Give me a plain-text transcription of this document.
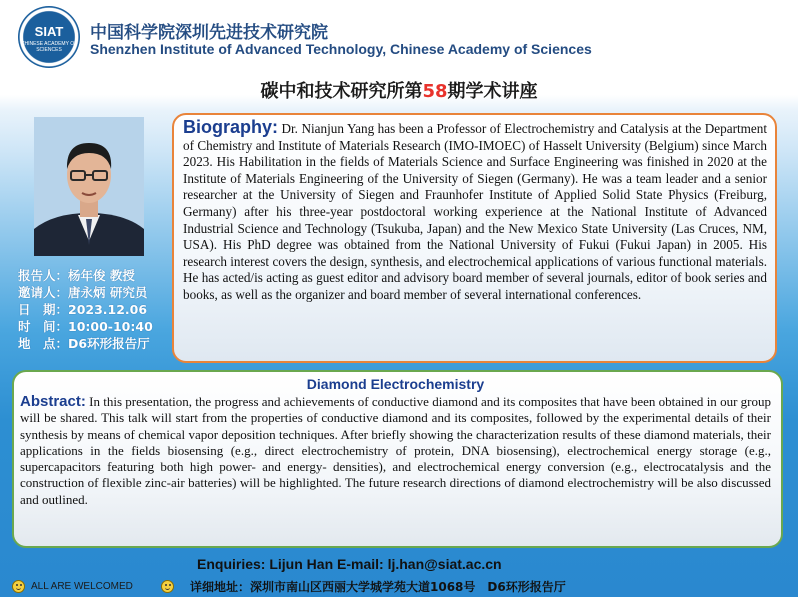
SIAT
CHINESE ACADEMY OF SCIENCES
中国科学院深圳先进技术研究院
Shenzhen Institute of Advanced Technology, Chinese Academy of Sciences
碳中和技术研究所第58期学术讲座
报告人：杨年俊 教授
邀请人：唐永炳 研究员
日　期：2023.12.06
时　间：10:00-10:40
地　点：D6环形报告厅
Biography: Dr. Nianjun Yang has been a Professor of Electrochemistry and Catalysis at the Department of Chemistry and Institute of Materials Research (IMO-IMOEC) of Hasselt University (Belgium) since March 2023. His Habilitation in the fields of Materials Science and Surface Engineering was finished in 2020 at the Institute of Materials Engineering of the University of Siegen (Germany). He was a team leader and a senior researcher at the University of Siegen and Fraunhofer Institute of Applied Solid State Physics (Freiburg, Germany) after his three-year postdoctoral working experience at the National Institute of Advanced Industrial Science and Technology (Tsukuba, Japan) and the New Mexico State University (Las Cruces, NM, USA). His PhD degree was obtained from the National University of Fukui (Fukui Japan) in 2005. His research interest covers the design, synthesis, and electrochemical applications of various functional materials. He has acted/is acting as guest editor and advisory board member of several journals, editor of book series and books, as well as the organizer and board member of several international conferences.
Diamond Electrochemistry
Abstract: In this presentation, the progress and achievements of conductive diamond and its composites that have been obtained in our group will be shared. This talk will start from the properties of conductive diamond and its composites, followed by the experimental details of their synthesis by means of chemical vapor deposition techniques. After briefly showing the characterization results of these diamond materials, their applications in the fields biosensing (e.g., direct electrochemistry of protein, DNA biosensing), electrochemical energy storage (e.g., supercapacitors featuring both high power- and energy- densities), and electrochemical energy conversion (e.g., electrocatalysis and the construction of flexible zinc-air batteries) will be highlighted. The future research directions of diamond electrochemistry will be also discussed and outlined.
Enquiries: Lijun Han E-mail: lj.han@siat.ac.cn
ALL ARE WELCOMED	详细地址：深圳市南山区西丽大学城学苑大道1068号　D6环形报告厅
